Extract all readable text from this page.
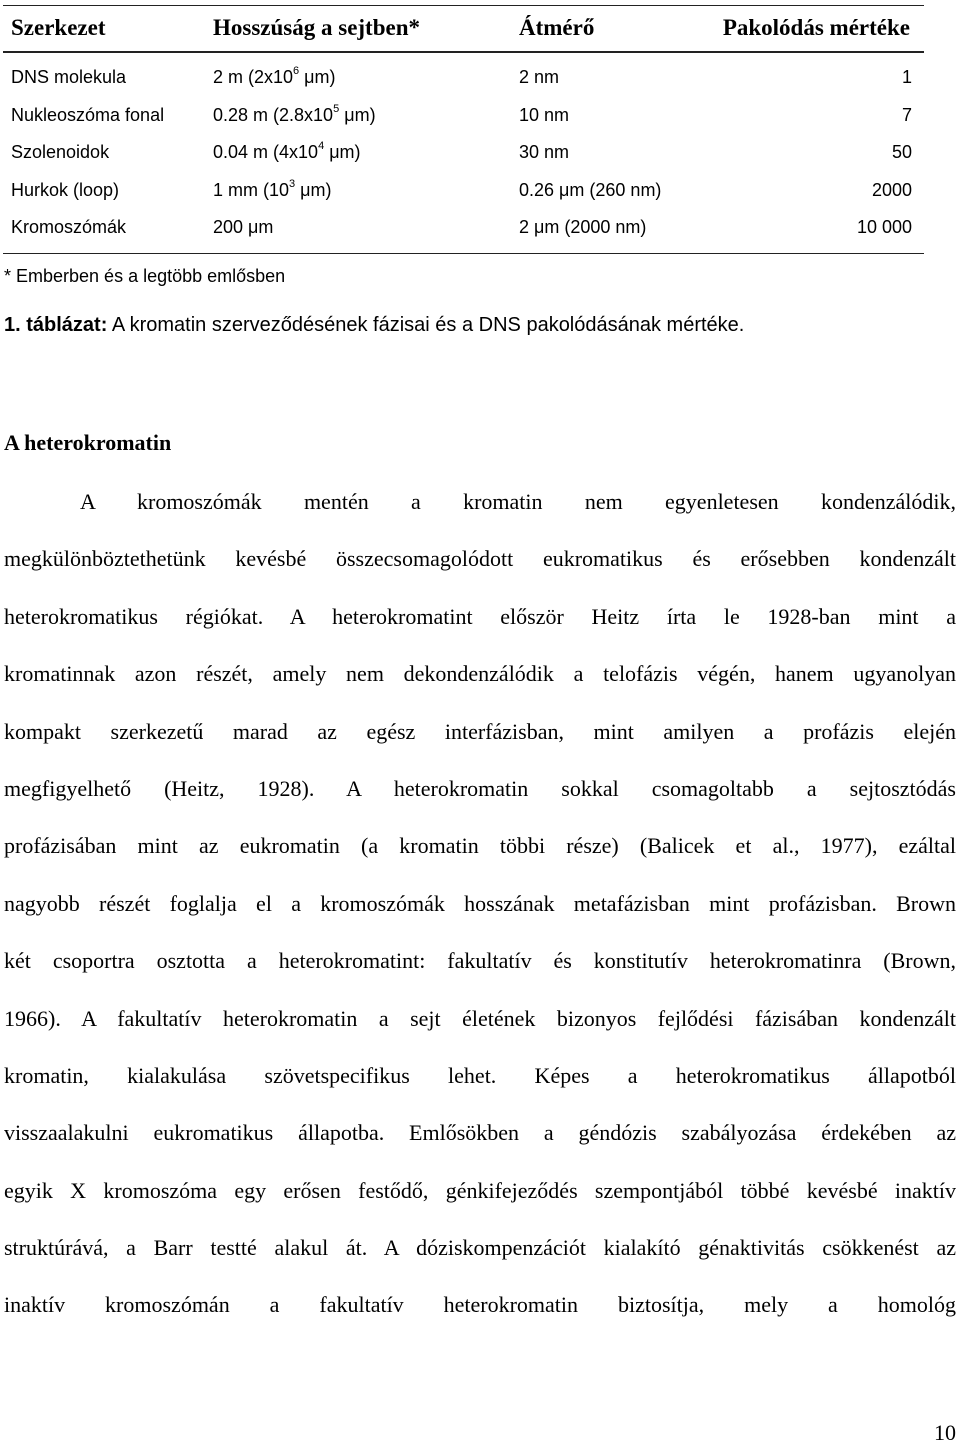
Szerkezet	Hosszúság a sejtben*	Átmérő	Pakolódás mértéke
DNS molekula	2 m ($2x10^6$ μm)	2 nm	1
Nukleoszóma fonal	0.28 m ($2.8x10^5$ μm)	10 nm	7
Szolenoidok	0.04 m ($4x10^4$ μm)	30 nm	50
Hurkok (loop)	1 mm ($10^3$ μm)	0.26 μm (260 nm)	2000
Kromoszómák	200 μm	2 μm (2000 nm)	10 000
* Emberben és a legtöbb emlősben
1. táblázat: A kromatin szerveződésének fázisai és a DNS pakolódásának mértéke.
A heterokromatin
A kromoszómák mentén a kromatin nem egyenletesen kondenzálódik,
megkülönböztethetünk kevésbé összecsomagolódott eukromatikus és erősebben kondenzált
heterokromatikus régiókat. A heterokromatint először Heitz írta le 1928-ban mint a
kromatinnak azon részét, amely nem dekondenzálódik a telofázis végén, hanem ugyanolyan
kompakt szerkezetű marad az egész interfázisban, mint amilyen a profázis elején
megfigyelhető (Heitz, 1928). A heterokromatin sokkal csomagoltabb a sejtosztódás
profázisában mint az eukromatin (a kromatin többi része) (Balicek et al., 1977), ezáltal
nagyobb részét foglalja el a kromoszómák hosszának metafázisban mint profázisban. Brown
két csoportra osztotta a heterokromatint: fakultatív és konstitutív heterokromatinra (Brown,
1966). A fakultatív heterokromatin a sejt életének bizonyos fejlődési fázisában kondenzált
kromatin, kialakulása szövetspecifikus lehet. Képes a heterokromatikus állapotból
visszaalakulni eukromatikus állapotba. Emlősökben a géndózis szabályozása érdekében az
egyik X kromoszóma egy erősen festődő, génkifejeződés szempontjából többé kevésbé inaktív
struktúrává, a Barr testté alakul át. A dóziskompenzációt kialakító génaktivitás csökkenést az
inaktív kromoszómán a fakultatív heterokromatin biztosítja, mely a homológ
10
